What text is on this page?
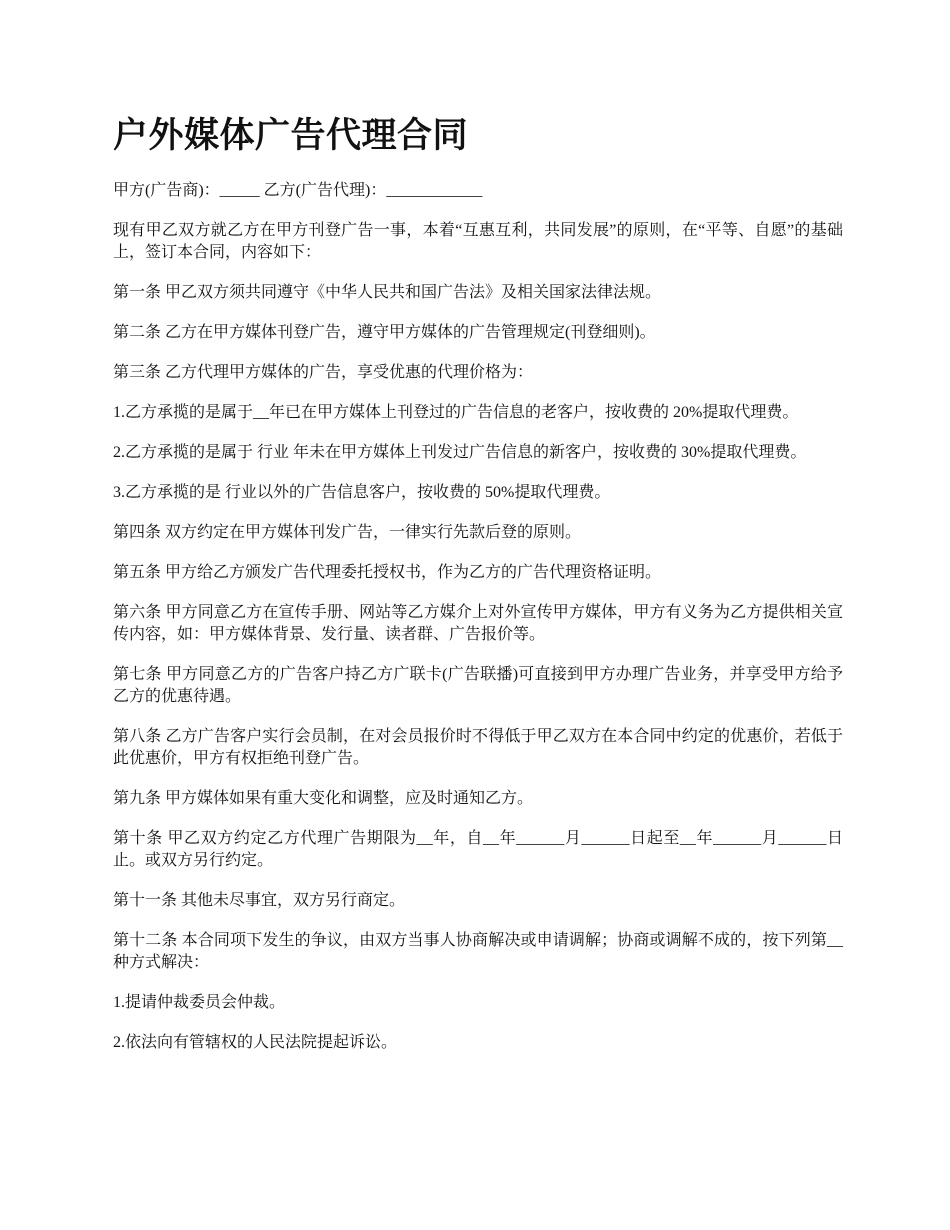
户外媒体广告代理合同

甲方(广告商)：_____ 乙方(广告代理)：____________

现有甲乙双方就乙方在甲方刊登广告一事，本着“互惠互利，共同发展”的原则，在“平等、自愿”的基础上，签订本合同，内容如下：

第一条 甲乙双方须共同遵守《中华人民共和国广告法》及相关国家法律法规。

第二条 乙方在甲方媒体刊登广告，遵守甲方媒体的广告管理规定(刊登细则)。

第三条 乙方代理甲方媒体的广告，享受优惠的代理价格为：

1.乙方承揽的是属于__年已在甲方媒体上刊登过的广告信息的老客户，按收费的 20%提取代理费。

2.乙方承揽的是属于 行业 年未在甲方媒体上刊发过广告信息的新客户，按收费的 30%提取代理费。

3.乙方承揽的是 行业以外的广告信息客户，按收费的 50%提取代理费。

第四条 双方约定在甲方媒体刊发广告，一律实行先款后登的原则。

第五条 甲方给乙方颁发广告代理委托授权书，作为乙方的广告代理资格证明。

第六条 甲方同意乙方在宣传手册、网站等乙方媒介上对外宣传甲方媒体，甲方有义务为乙方提供相关宣传内容，如：甲方媒体背景、发行量、读者群、广告报价等。

第七条 甲方同意乙方的广告客户持乙方广联卡(广告联播)可直接到甲方办理广告业务，并享受甲方给予乙方的优惠待遇。

第八条 乙方广告客户实行会员制，在对会员报价时不得低于甲乙双方在本合同中约定的优惠价，若低于此优惠价，甲方有权拒绝刊登广告。

第九条 甲方媒体如果有重大变化和调整，应及时通知乙方。

第十条 甲乙双方约定乙方代理广告期限为__年，自__年______月______日起至__年______月______日止。或双方另行约定。

第十一条 其他未尽事宜，双方另行商定。

第十二条 本合同项下发生的争议，由双方当事人协商解决或申请调解；协商或调解不成的，按下列第__种方式解决：

1.提请仲裁委员会仲裁。

2.依法向有管辖权的人民法院提起诉讼。
